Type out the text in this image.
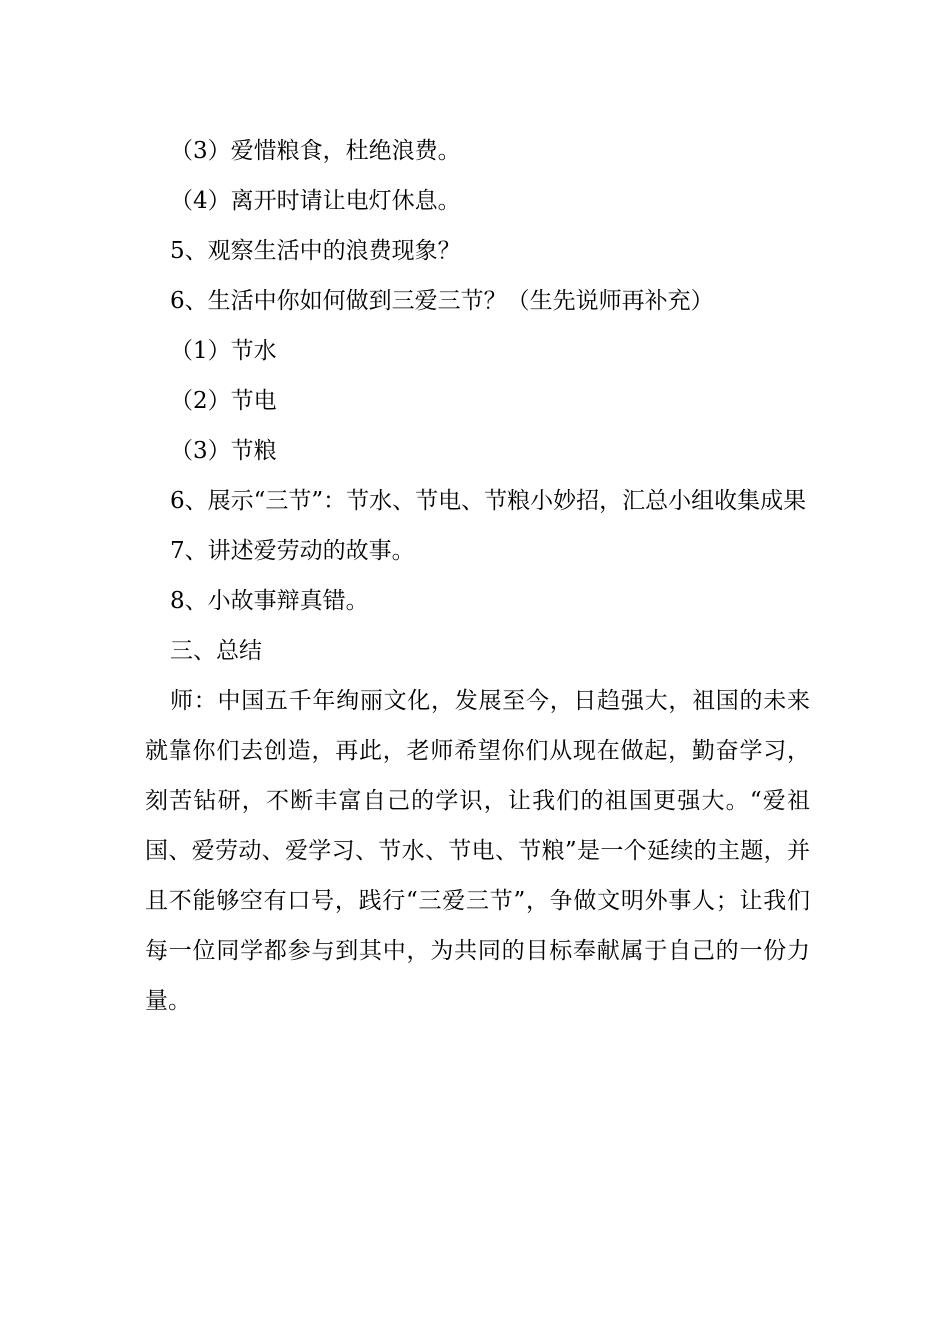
（3）爱惜粮食，杜绝浪费。

（4）离开时请让电灯休息。

5、观察生活中的浪费现象？

6、生活中你如何做到三爱三节？（生先说师再补充）

（1）节水

（2）节电

（3）节粮

6、展示“三节”：节水、节电、节粮小妙招，汇总小组收集成果

7、讲述爱劳动的故事。

8、小故事辩真错。

三、总结

师：中国五千年绚丽文化，发展至今，日趋强大，祖国的未来就靠你们去创造，再此，老师希望你们从现在做起，勤奋学习，刻苦钻研，不断丰富自己的学识，让我们的祖国更强大。“爱祖国、爱劳动、爱学习、节水、节电、节粮”是一个延续的主题，并且不能够空有口号，践行“三爱三节”，争做文明外事人；让我们每一位同学都参与到其中，为共同的目标奉献属于自己的一份力量。
